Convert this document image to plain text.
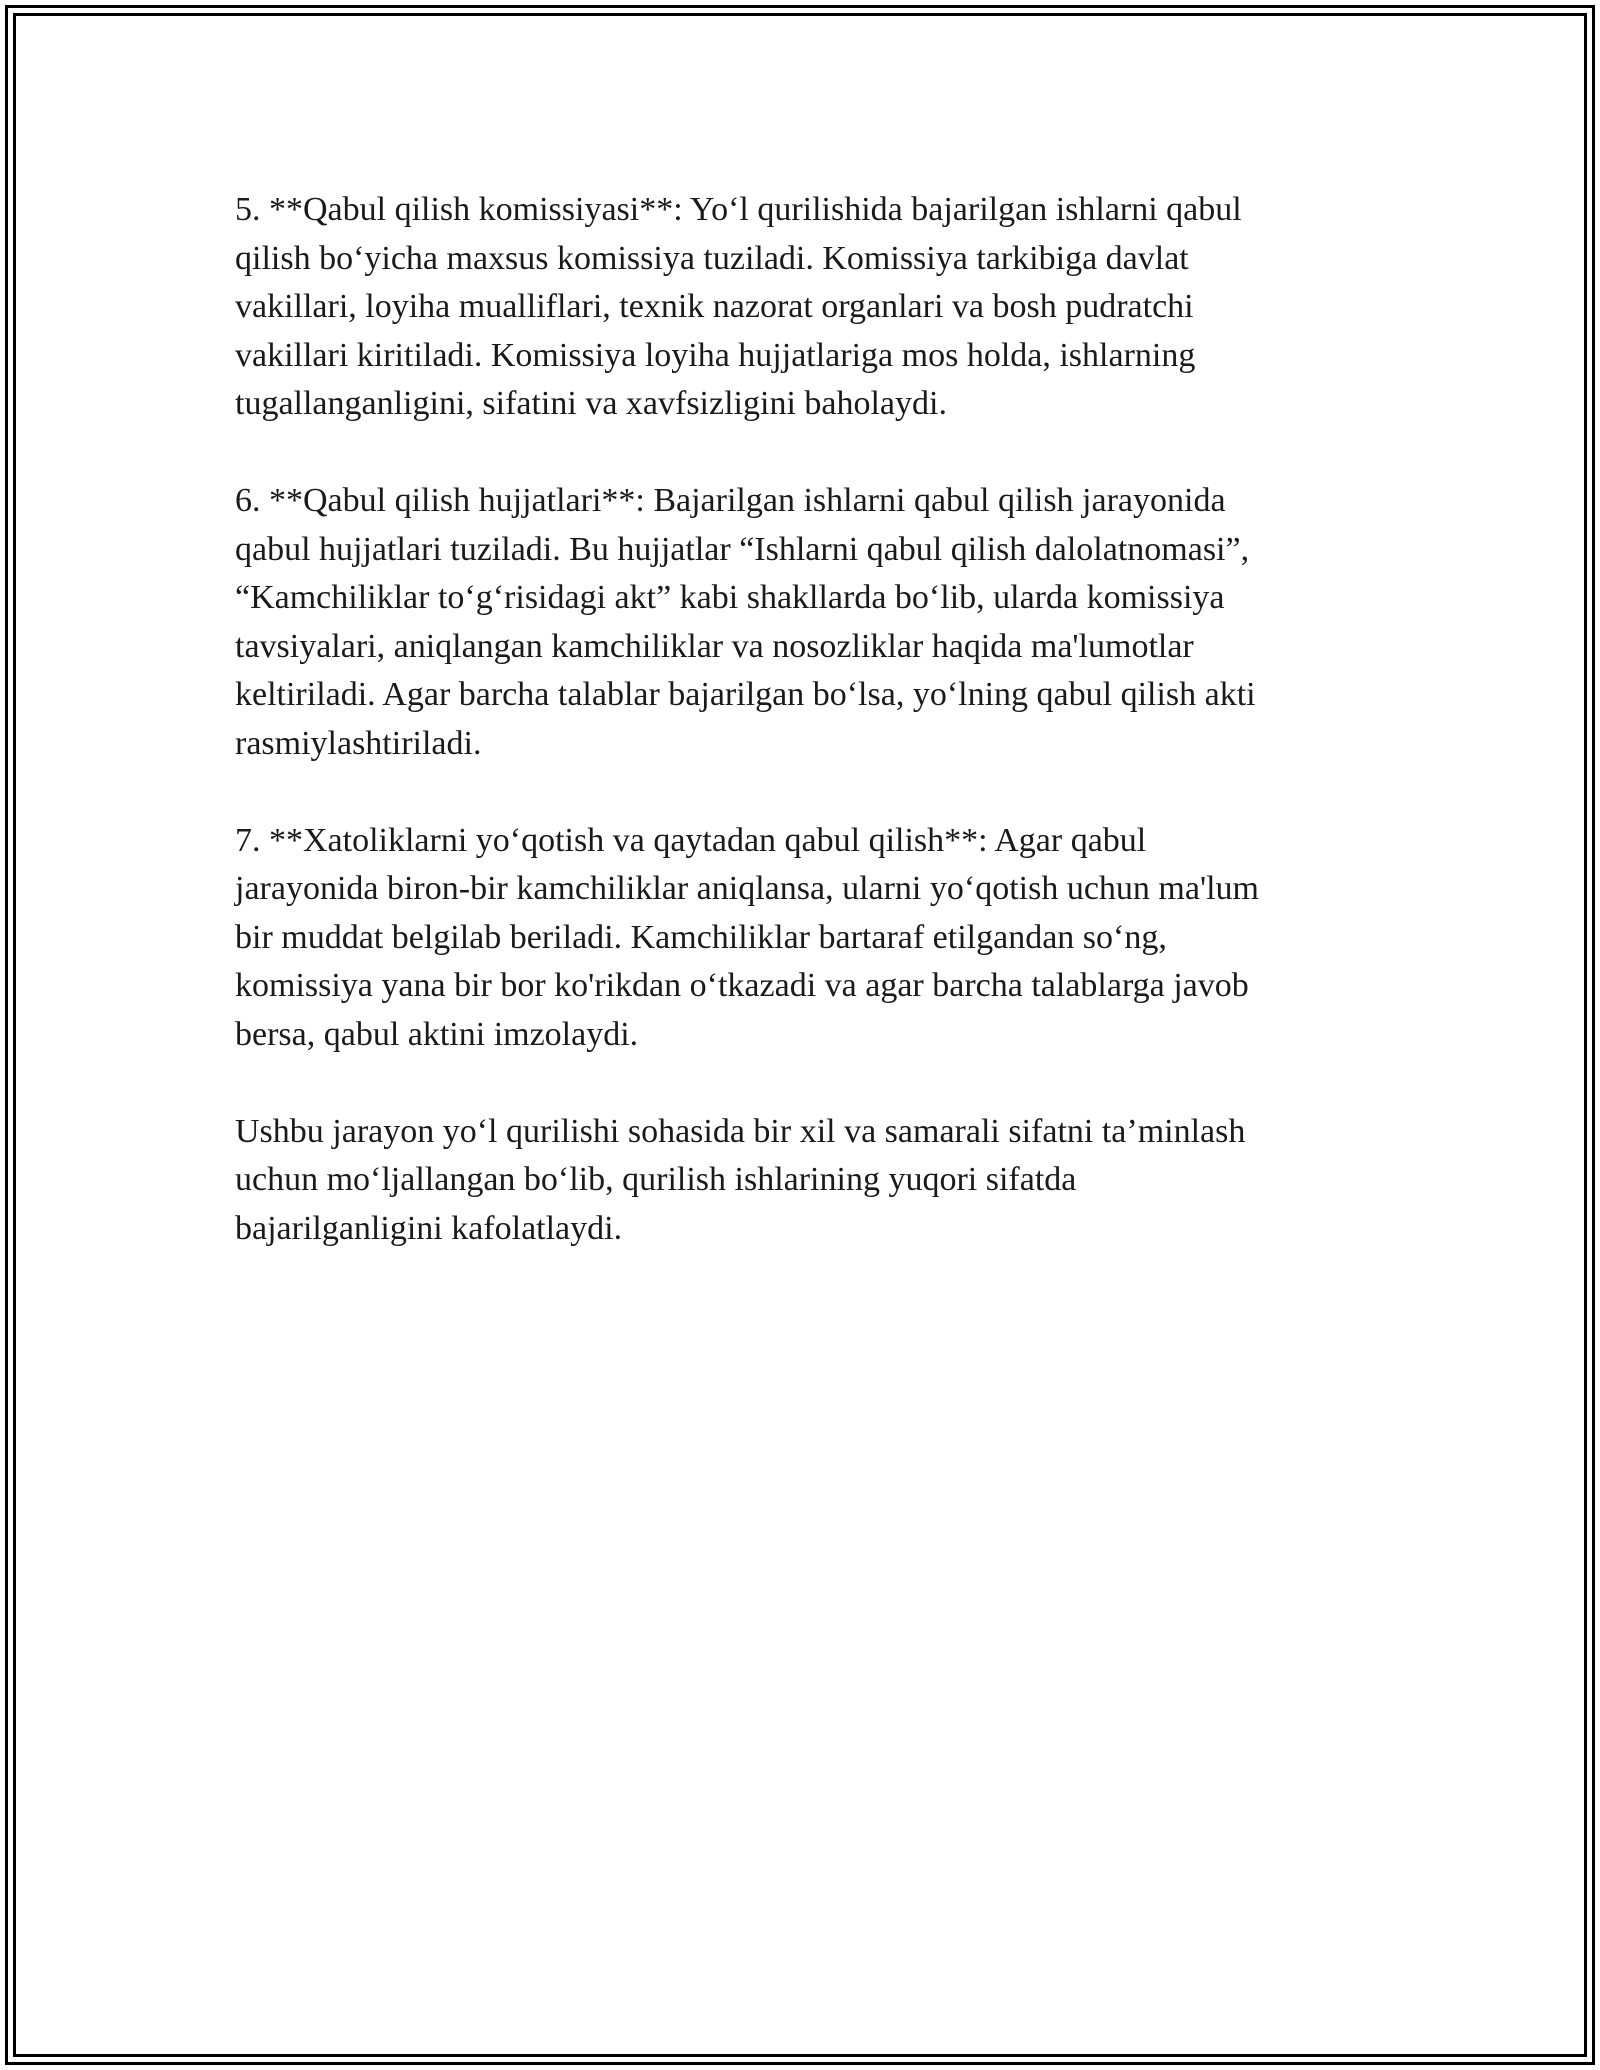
5. **Qabul qilish komissiyasi**: Yo‘l qurilishida bajarilgan ishlarni qabul
qilish bo‘yicha maxsus komissiya tuziladi. Komissiya tarkibiga davlat
vakillari, loyiha mualliflari, texnik nazorat organlari va bosh pudratchi
vakillari kiritiladi. Komissiya loyiha hujjatlariga mos holda, ishlarning
tugallanganligini, sifatini va xavfsizligini baholaydi.

6. **Qabul qilish hujjatlari**: Bajarilgan ishlarni qabul qilish jarayonida
qabul hujjatlari tuziladi. Bu hujjatlar “Ishlarni qabul qilish dalolatnomasi”,
“Kamchiliklar to‘g‘risidagi akt” kabi shakllarda bo‘lib, ularda komissiya
tavsiyalari, aniqlangan kamchiliklar va nosozliklar haqida ma'lumotlar
keltiriladi. Agar barcha talablar bajarilgan bo‘lsa, yo‘lning qabul qilish akti
rasmiylashtiriladi.

7. **Xatoliklarni yo‘qotish va qaytadan qabul qilish**: Agar qabul
jarayonida biron-bir kamchiliklar aniqlansa, ularni yo‘qotish uchun ma'lum
bir muddat belgilab beriladi. Kamchiliklar bartaraf etilgandan so‘ng,
komissiya yana bir bor ko'rikdan o‘tkazadi va agar barcha talablarga javob
bersa, qabul aktini imzolaydi.

Ushbu jarayon yo‘l qurilishi sohasida bir xil va samarali sifatni ta’minlash
uchun mo‘ljallangan bo‘lib, qurilish ishlarining yuqori sifatda
bajarilganligini kafolatlaydi.
